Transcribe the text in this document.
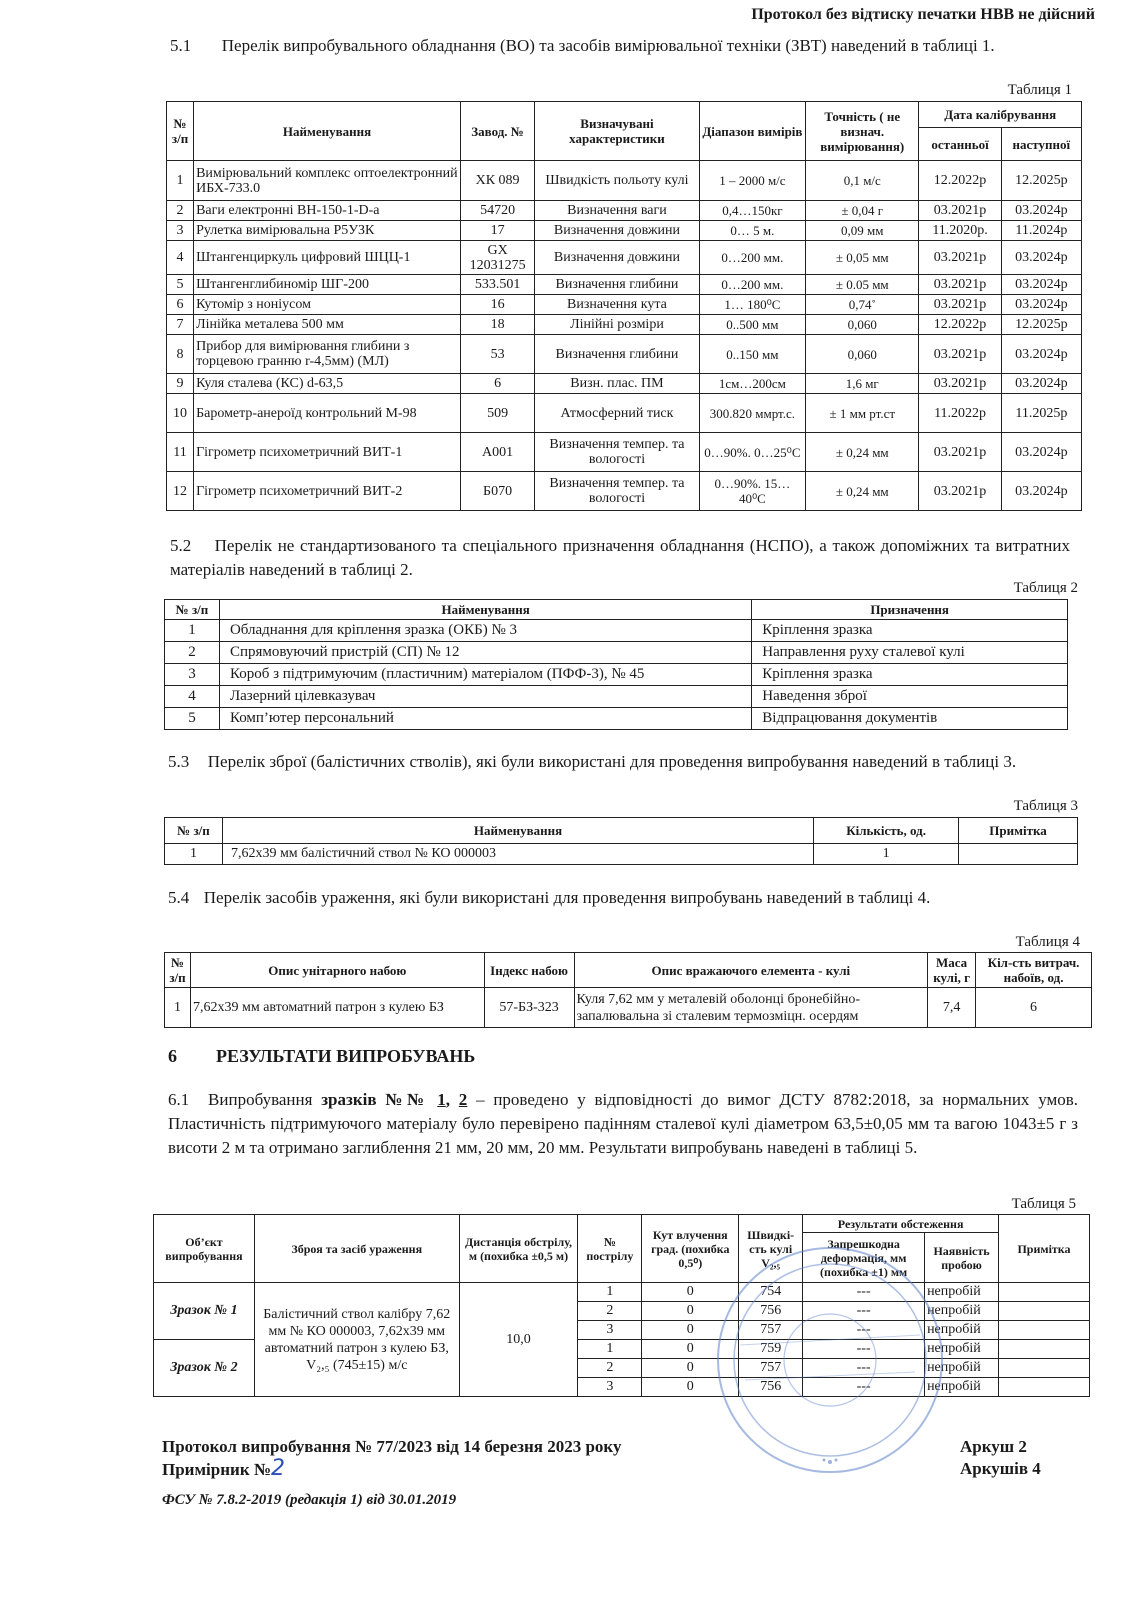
Протокол без відтиску печатки НВВ не дійсний
5.1 Перелік випробувального обладнання (ВО) та засобів вимірювальної техніки (ЗВТ) наведений в таблиці 1.
Таблиця 1
№ з/п	Найменування	Завод. №	Визначувані характеристики	Діапазон вимірів	Точність ( не визнач. вимірювання)	Дата калібрування	
						останньої	наступної
1	Вимірювальний комплекс оптоелектронний ИБХ-733.0	ХК 089	Швидкість польоту кулі	1 – 2000 м/с	0,1 м/с	12.2022р	12.2025р
2	Ваги електронні ВН-150-1-D-а	54720	Визначення ваги	0,4…150кг	± 0,04 г	03.2021р	03.2024р
3	Рулетка вимірювальна Р5УЗК	17	Визначення довжини	0… 5 м.	0,09 мм	11.2020р.	11.2024р
4	Штангенциркуль цифровий ШЦЦ-1	GX 12031275	Визначення довжини	0…200 мм.	± 0,05 мм	03.2021р	03.2024р
5	Штангенглибиномір ШГ-200	533.501	Визначення глибини	0…200 мм.	± 0.05 мм	03.2021р	03.2024р
6	Кутомір з ноніусом	16	Визначення кута	1… 180⁰С	0,74˚	03.2021р	03.2024р
7	Лінійка металева 500 мм	18	Лінійні розміри	0..500 мм	0,060	12.2022р	12.2025р
8	Прибор для вимірювання глибини з торцевою гранню r-4,5мм) (МЛ)	53	Визначення глибини	0..150 мм	0,060	03.2021р	03.2024р
9	Куля сталева (КС) d-63,5	6	Визн. плас. ПМ	1см…200см	1,6 мг	03.2021р	03.2024р
10	Барометр-анероїд контрольний М-98	509	Атмосферний тиск	300.820 ммрт.с.	± 1 мм рт.ст	11.2022р	11.2025р
11	Гігрометр психометричний ВИТ-1	А001	Визначення темпер. та вологості	0…90%. 0…25⁰С	± 0,24 мм	03.2021р	03.2024р
12	Гігрометр психометричний ВИТ-2	Б070	Визначення темпер. та вологості	0…90%. 15…40⁰С	± 0,24 мм	03.2021р	03.2024р
5.2 Перелік не стандартизованого та спеціального призначення обладнання (НСПО), а також допоміжних та витратних матеріалів наведений в таблиці 2.
Таблиця 2
№ з/п	Найменування	Призначення
1	Обладнання для кріплення зразка (ОКБ) № 3	Кріплення зразка
2	Спрямовуючий пристрій (СП) № 12	Направлення руху сталевої кулі
3	Короб з підтримуючим (пластичним) матеріалом (ПФФ-3), № 45	Кріплення зразка
4	Лазерний цілевказувач	Наведення зброї
5	Комп’ютер персональний	Відпрацювання документів
5.3 Перелік зброї (балістичних стволів), які були використані для проведення випробування наведений в таблиці 3.
Таблиця 3
№ з/п	Найменування	Кількість, од.	Примітка
1	7,62х39 мм балістичний ствол № КО 000003	1	
5.4 Перелік засобів ураження, які були використані для проведення випробувань наведений в таблиці 4.
Таблиця 4
№ з/п	Опис унітарного набою	Індекс набою	Опис вражаючого елемента - кулі	Маса кулі, г	Кіл-сть витрач. набоїв, од.
1	7,62х39 мм автоматний патрон з кулею БЗ	57-БЗ-323	Куля 7,62 мм у металевій оболонці бронебійно-запалювальна зі сталевим термозміцн. осердям	7,4	6
6 РЕЗУЛЬТАТИ ВИПРОБУВАНЬ
6.1 Випробування зразків №№ 1, 2 – проведено у відповідності до вимог ДСТУ 8782:2018, за нормальних умов. Пластичність підтримуючого матеріалу було перевірено падінням сталевої кулі діаметром 63,5±0,05 мм та вагою 1043±5 г з висоти 2 м та отримано заглиблення 21 мм, 20 мм, 20 мм. Результати випробувань наведені в таблиці 5.
Таблиця 5
Об’єкт випробування	Зброя та засіб ураження	Дистанція обстрілу, м (похибка ±0,5 м)	№ пострілу	Кут влучення град. (похибка 0,5⁰)	Швидкі-сть кулі V₂,₅	Результати обстеження		Примітка
						Запрешкодна деформація, мм (похибка ±1) мм	Наявність пробою	
Зразок № 1	Балістичний ствол калібру 7,62 мм № КО 000003, 7,62х39 мм автоматний патрон з кулею БЗ, V₂,₅ (745±15) м/с	10,0	1	0	754	---	непробій	
			2	0	756	---	непробій	
			3	0	757	---	непробій	
Зразок № 2			1	0	759	---	непробій	
			2	0	757	---	непробій	
			3	0	756	---	непробій	
Протокол випробування № 77/2023 від 14 березня 2023 року
Примірник №2
Аркуш 2
Аркушів 4
ФСУ № 7.8.2-2019 (редакція 1) від 30.01.2019
